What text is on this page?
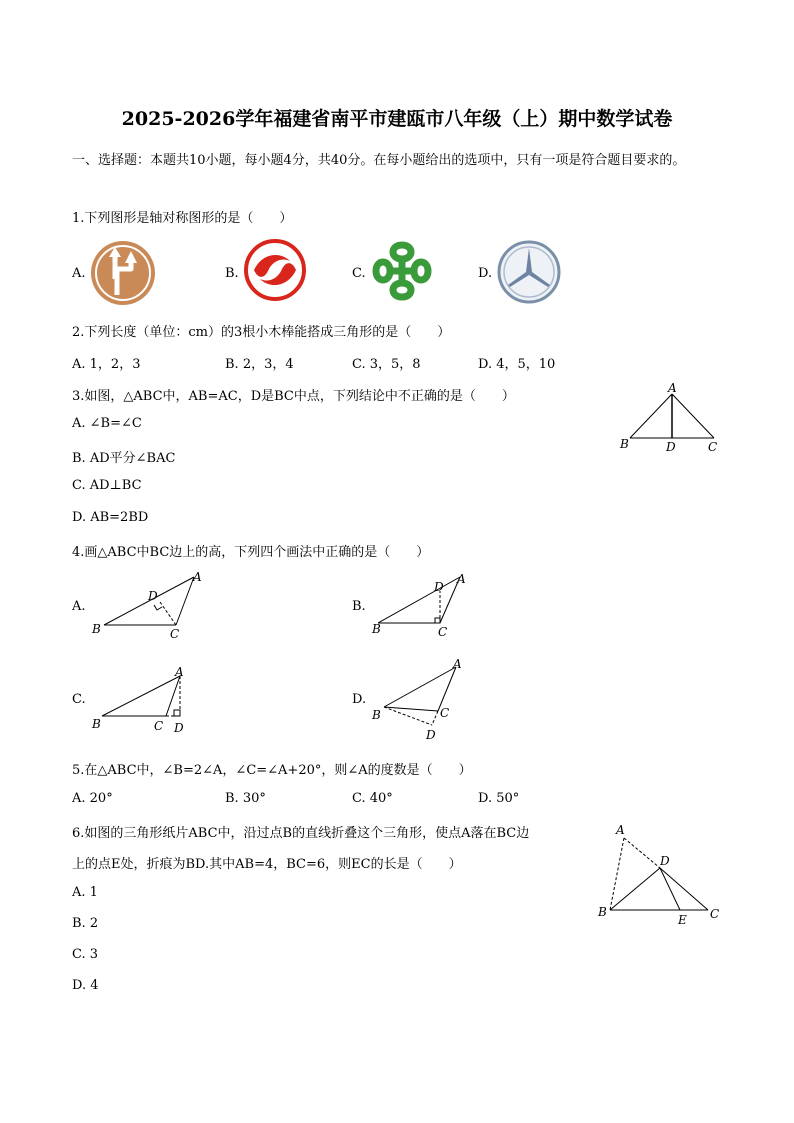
2025-2026学年福建省南平市建瓯市八年级（上）期中数学试卷
一、选择题：本题共10小题，每小题4分，共40分。在每小题给出的选项中，只有一项是符合题目要求的。
1.下列图形是轴对称图形的是（　　）
A.	B.	C.	D.
2.下列长度（单位：cm）的3根小木棒能搭成三角形的是（　　）
A. 1，2，3	B. 2，3，4	C. 3，5，8	D. 4，5，10
3.如图，△ABC中，AB=AC，D是BC中点，下列结论中不正确的是（　　）
A. ∠B=∠C
B. AD平分∠BAC
C. AD⊥BC
D. AB=2BD
A
B	D	C
4.画△ABC中BC边上的高，下列四个画法中正确的是（　　）
A.	B.
C.	D.
A
B	C
D
A
B	C
D
A
B	C D
A
B	C
D
5.在△ABC中，∠B=2∠A，∠C=∠A+20°，则∠A的度数是（　　）
A. 20°	B. 30°	C. 40°	D. 50°
6.如图的三角形纸片ABC中，沿过点B的直线折叠这个三角形，使点A落在BC边
上的点E处，折痕为BD.其中AB=4，BC=6，则EC的长是（　　）
A. 1
B. 2
C. 3
D. 4
A
D
B
E C
